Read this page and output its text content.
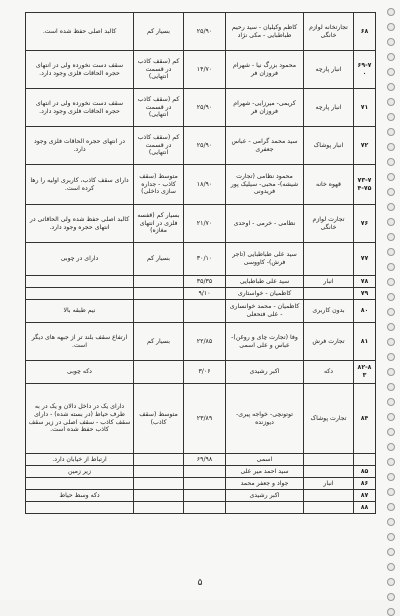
۶۸	تجارتخانه لوازم خانگی	کاظم وکیلیان - سید رحیم طباطبایی - مکی نژاد	۲۵/۹۰	بسیار کم	کالبد اصلی حفظ شده است.
۶۹-۷۰	انبار پارچه	محمود بزرگ نیا - شهرام فروزان فر	۱۴/۷۰	کم (سقف کاذب در قسمت انتهایی)	سقف دست نخورده ولی در انتهای حجره الحاقات فلزی وجود دارد.
۷۱	انبار پارچه	کریمی- میرزایی- شهرام فروزان فر	۲۵/۹۰	کم (سقف کاذب در قسمت انتهایی)	سقف دست نخورده ولی در انتهای حجره الحاقات فلزی وجود دارد.
۷۲	انبار پوشاک	سید محمد گرامی - عباس جعفری	۲۵/۹۰	کم (سقف کاذب در قسمت انتهایی)	در انتهای حجره الحاقات فلزی وجود دارد.
۷۳-۷۴-۷۵	قهوه خانه	محمود نظامی (تجارت شیشه)- محبی- سیلیک پور فریدونی	۱۸/۹۰	متوسط (سقف کاذب - جداره سازی داخلی)	دارای سقف کاذب، کاربری اولیه را رها کرده است.
۷۶	تجارت لوازم خانگی	نظامی - خرمی - اوحدی	۲۱/۷۰	بسیار کم (قفسه فلزی در انتهای مغازه)	کالبد اصلی حفظ شده ولی الحاقاتی در انتهای حجره وجود دارد.
۷۷		سید علی طباطبایی (تاجر فرش)- کاووسی	۳۰/۱۰	بسیار کم	دارای در چوبی
۷۸	انبار	سید علی طباطبایی	۳۵/۳۵		
۷۹		کاظمیان - خواستاری	۹/۱۰		
۸۰	بدون کاربری	کاظمیان - محمد خوانساری - علی فتحعلی			نیم طبقه بالا
۸۱	تجارت فرش	وفا (تجارت چای و روغن)- عباس و علی اسمی	۲۲/۸۵	بسیار کم	ارتفاع سقف بلند تر از جبهه های دیگر است.
۸۲-۸۳	دکه	اکبر رشیدی	۳/۰۶		دکه چوبی
۸۴	تجارت پوشاک	توتونچی- خواجه پیری- دیوزنده	۲۳/۸۹	متوسط (سقف کاذب)	دارای یک در داخل دالان و یک در به طرف حیاط (در بسته شده) - دارای سقف کاذب - سقف اصلی در زیر سقف کاذب حفظ شده است.
		اسمی	۶۹/۹۸		ارتباط از خیابان دارد.
۸۵		سید احمد میر علی			زیر زمین
۸۶	انبار	جواد و جعفر محمد			
۸۷		اکبر رشیدی			دکه وسط حیاط
۸۸					
۵
